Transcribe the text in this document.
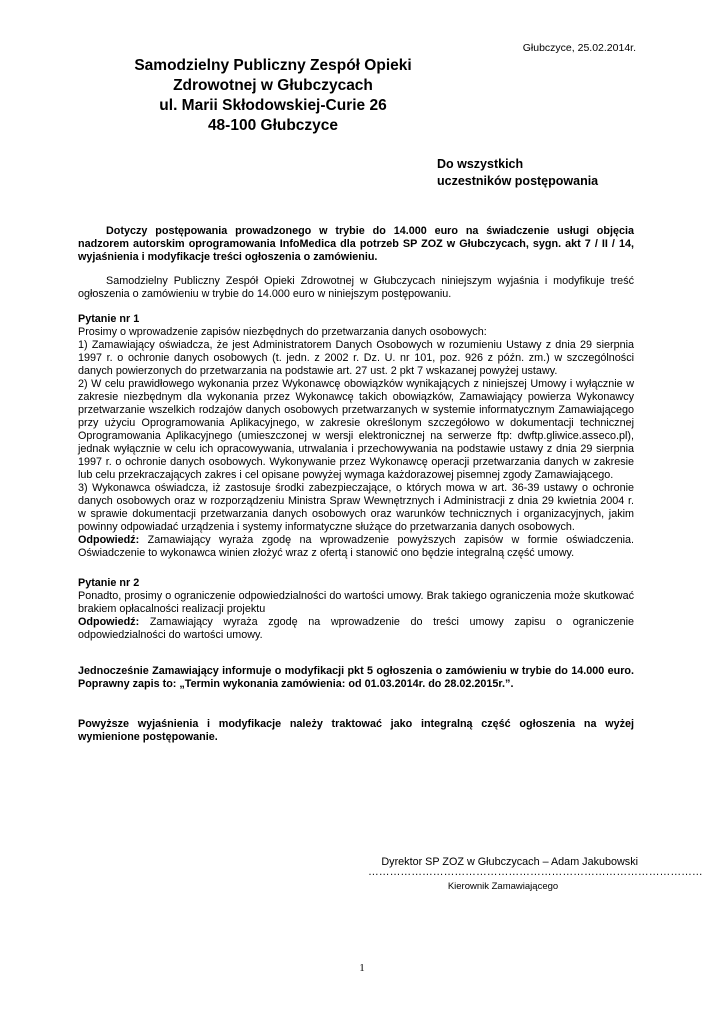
Głubczyce, 25.02.2014r.
Samodzielny Publiczny Zespół Opieki
Zdrowotnej w Głubczycach
ul. Marii Skłodowskiej-Curie 26
48-100 Głubczyce
Do wszystkich
uczestników postępowania

Dotyczy postępowania prowadzonego w trybie do 14.000 euro na świadczenie usługi objęcia nadzorem autorskim oprogramowania InfoMedica dla potrzeb SP ZOZ w Głubczycach, sygn. akt 7 / II / 14, wyjaśnienia i modyfikacje treści ogłoszenia o zamówieniu.

Samodzielny Publiczny Zespół Opieki Zdrowotnej w Głubczycach niniejszym wyjaśnia i modyfikuje treść ogłoszenia o zamówieniu w trybie do 14.000 euro w niniejszym postępowaniu.

Pytanie nr 1

Prosimy o wprowadzenie zapisów niezbędnych do przetwarzania danych osobowych:

1) Zamawiający oświadcza, że jest Administratorem Danych Osobowych w rozumieniu Ustawy z dnia 29 sierpnia 1997 r. o ochronie danych osobowych (t. jedn. z 2002 r. Dz. U. nr 101, poz. 926 z późn. zm.) w szczególności danych powierzonych do przetwarzania na podstawie art. 27 ust. 2 pkt 7 wskazanej powyżej ustawy.

2) W celu prawidłowego wykonania przez Wykonawcę obowiązków wynikających z niniejszej Umowy i wyłącznie w zakresie niezbędnym dla wykonania przez Wykonawcę takich obowiązków, Zamawiający powierza Wykonawcy przetwarzanie wszelkich rodzajów danych osobowych przetwarzanych w systemie informatycznym Zamawiającego przy użyciu Oprogramowania Aplikacyjnego, w zakresie określonym szczegółowo w dokumentacji technicznej Oprogramowania Aplikacyjnego (umieszczonej w wersji elektronicznej na serwerze ftp: dwftp.gliwice.asseco.pl), jednak wyłącznie w celu ich opracowywania, utrwalania i przechowywania na podstawie ustawy z dnia 29 sierpnia 1997 r. o ochronie danych osobowych. Wykonywanie przez Wykonawcę operacji przetwarzania danych w zakresie lub celu przekraczających zakres i cel opisane powyżej wymaga każdorazowej pisemnej zgody Zamawiającego.

3) Wykonawca oświadcza, iż zastosuje środki zabezpieczające, o których mowa w art. 36-39 ustawy o ochronie danych osobowych oraz w rozporządzeniu Ministra Spraw Wewnętrznych i Administracji z dnia 29 kwietnia 2004 r. w sprawie dokumentacji przetwarzania danych osobowych oraz warunków technicznych i organizacyjnych, jakim powinny odpowiadać urządzenia i systemy informatyczne służące do przetwarzania danych osobowych.

Odpowiedź: Zamawiający wyraża zgodę na wprowadzenie powyższych zapisów w formie oświadczenia. Oświadczenie to wykonawca winien złożyć wraz z ofertą i stanowić ono będzie integralną część umowy.

Pytanie nr 2

Ponadto, prosimy o ograniczenie odpowiedzialności do wartości umowy. Brak takiego ograniczenia może skutkować brakiem opłacalności realizacji projektu

Odpowiedź: Zamawiający wyraża zgodę na wprowadzenie do treści umowy zapisu o ograniczenie odpowiedzialności do wartości umowy.

Jednocześnie Zamawiający informuje o modyfikacji pkt 5 ogłoszenia o zamówieniu w trybie do 14.000 euro. Poprawny zapis to: „Termin wykonania zamówienia: od 01.03.2014r. do 28.02.2015r.”.

Powyższe wyjaśnienia i modyfikacje należy traktować jako integralną część ogłoszenia na wyżej wymienione postępowanie.

Dyrektor SP ZOZ w Głubczycach – Adam Jakubowski
…………………………………………………………………………………
Kierownik Zamawiającego
1
